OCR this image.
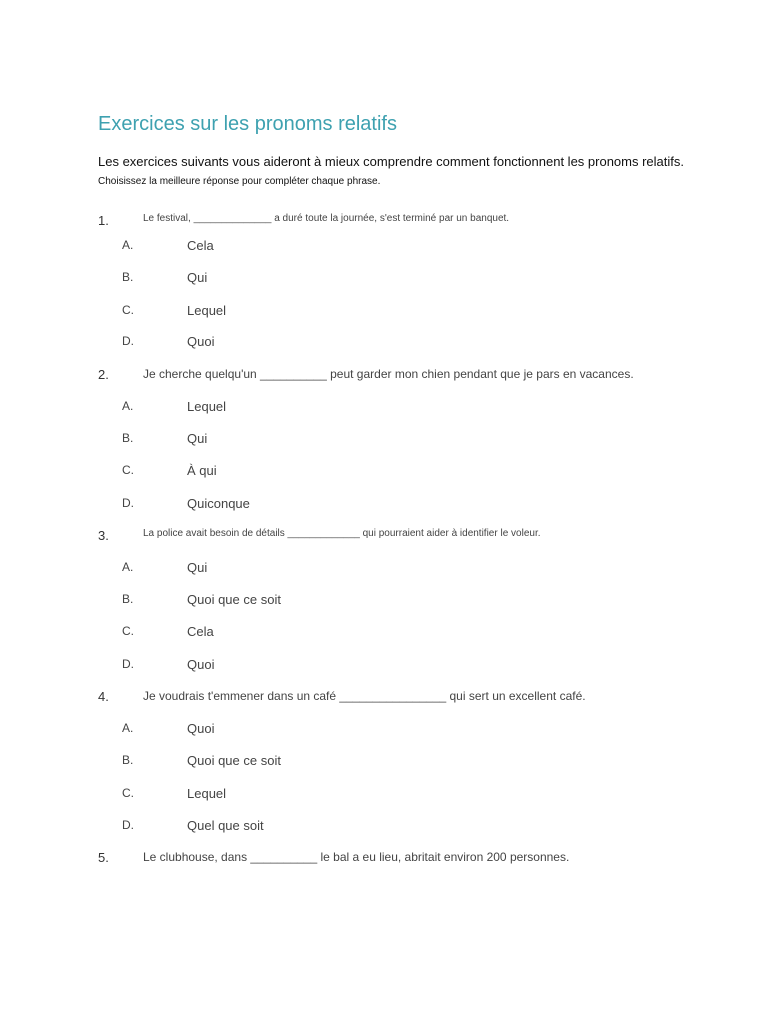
Exercices sur les pronoms relatifs
Les exercices suivants vous aideront à mieux comprendre comment fonctionnent les pronoms relatifs.
Choisissez la meilleure réponse pour compléter chaque phrase.
1.	Le festival, ______________ a duré toute la journée, s'est terminé par un banquet.
A.	Cela
B.	Qui
C.	Lequel
D.	Quoi
2.	Je cherche quelqu'un __________ peut garder mon chien pendant que je pars en vacances.
A.	Lequel
B.	Qui
C.	À qui
D.	Quiconque
3.	La police avait besoin de détails _____________ qui pourraient aider à identifier le voleur.
A.	Qui
B.	Quoi que ce soit
C.	Cela
D.	Quoi
4.	Je voudrais t'emmener dans un café ________________ qui sert un excellent café.
A.	Quoi
B.	Quoi que ce soit
C.	Lequel
D.	Quel que soit
5.	Le clubhouse, dans __________ le bal a eu lieu, abritait environ 200 personnes.
